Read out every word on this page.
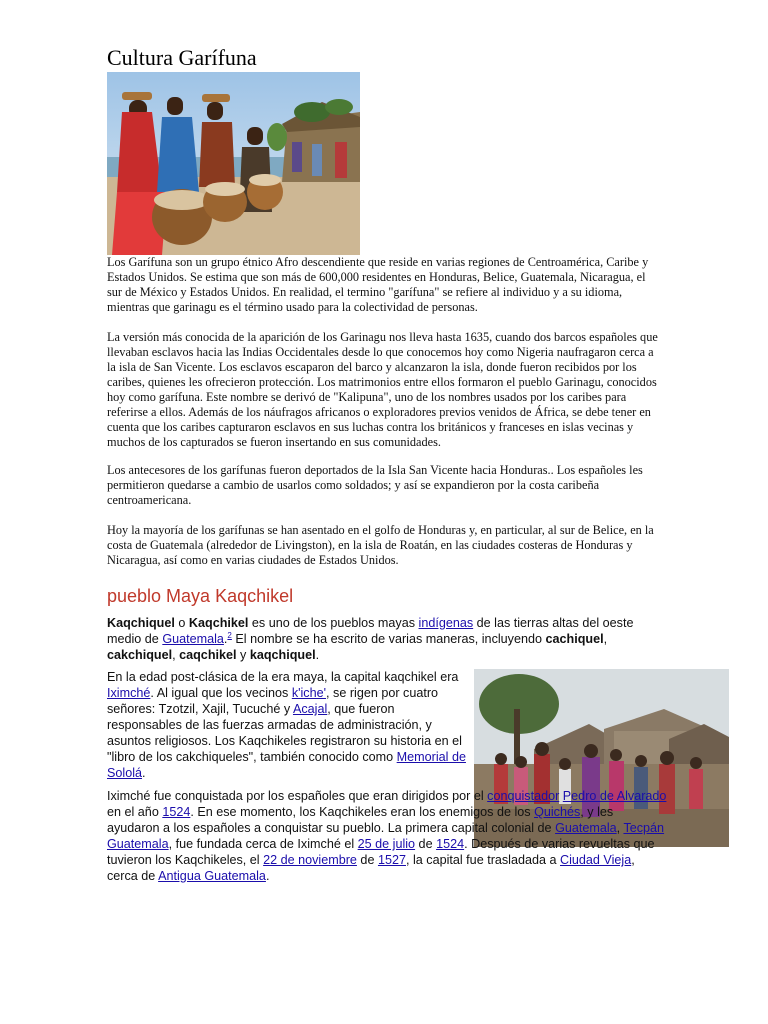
Cultura Garífuna

Los Garífuna son un grupo étnico Afro descendiente que reside en varias regiones de Centroamérica, Caribe y Estados Unidos. Se estima que son más de 600,000 residentes en Honduras, Belice, Guatemala, Nicaragua, el sur de México y Estados Unidos. En realidad, el termino "garífuna" se refiere al individuo y a su idioma, mientras que garinagu es el término usado para la colectividad de personas.

La versión más conocida de la aparición de los Garinagu nos lleva hasta 1635, cuando dos barcos españoles que llevaban esclavos hacia las Indias Occidentales desde lo que conocemos hoy como Nigeria naufragaron cerca a la isla de San Vicente. Los esclavos escaparon del barco y alcanzaron la isla, donde fueron recibidos por los caribes, quienes les ofrecieron protección. Los matrimonios entre ellos formaron el pueblo Garinagu, conocidos hoy como garífuna. Este nombre se derivó de "Kalipuna", uno de los nombres usados por los caribes para referirse a ellos. Además de los náufragos africanos o exploradores previos venidos de África, se debe tener en cuenta que los caribes capturaron esclavos en sus luchas contra los británicos y franceses en islas vecinas y muchos de los capturados se fueron insertando en sus comunidades.

Los antecesores de los garífunas fueron deportados de la Isla San Vicente hacia Honduras.. Los españoles les permitieron quedarse a cambio de usarlos como soldados; y así se expandieron por la costa caribeña centroamericana.

Hoy la mayoría de los garífunas se han asentado en el golfo de Honduras y, en particular, al sur de Belice, en la costa de Guatemala (alrededor de Livingston), en la isla de Roatán, en las ciudades costeras de Honduras y Nicaragua, así como en varias ciudades de Estados Unidos.

pueblo Maya Kaqchikel

Kaqchiquel o Kaqchikel es uno de los pueblos mayas indígenas de las tierras altas del oeste medio de Guatemala.$^2$ El nombre se ha escrito de varias maneras, incluyendo cachiquel, cakchiquel, caqchikel y kaqchiquel.

En la edad post-clásica de la era maya, la capital kaqchikel era Iximché. Al igual que los vecinos k'iche', se rigen por cuatro señores: Tzotzil, Xajil, Tucuché y Acajal, que fueron responsables de las fuerzas armadas de administración, y asuntos religiosos. Los Kaqchikeles registraron su historia en el "libro de los cakchiqueles", también conocido como Memorial de Sololá.

Iximché fue conquistada por los españoles que eran dirigidos por el conquistador Pedro de Alvarado en el año 1524. En ese momento, los Kaqchikeles eran los enemigos de los Quichés, y les ayudaron a los españoles a conquistar su pueblo. La primera capital colonial de Guatemala, Tecpán Guatemala, fue fundada cerca de Iximché el 25 de julio de 1524. Después de varias revueltas que tuvieron los Kaqchikeles, el 22 de noviembre de 1527, la capital fue trasladada a Ciudad Vieja, cerca de Antigua Guatemala.
